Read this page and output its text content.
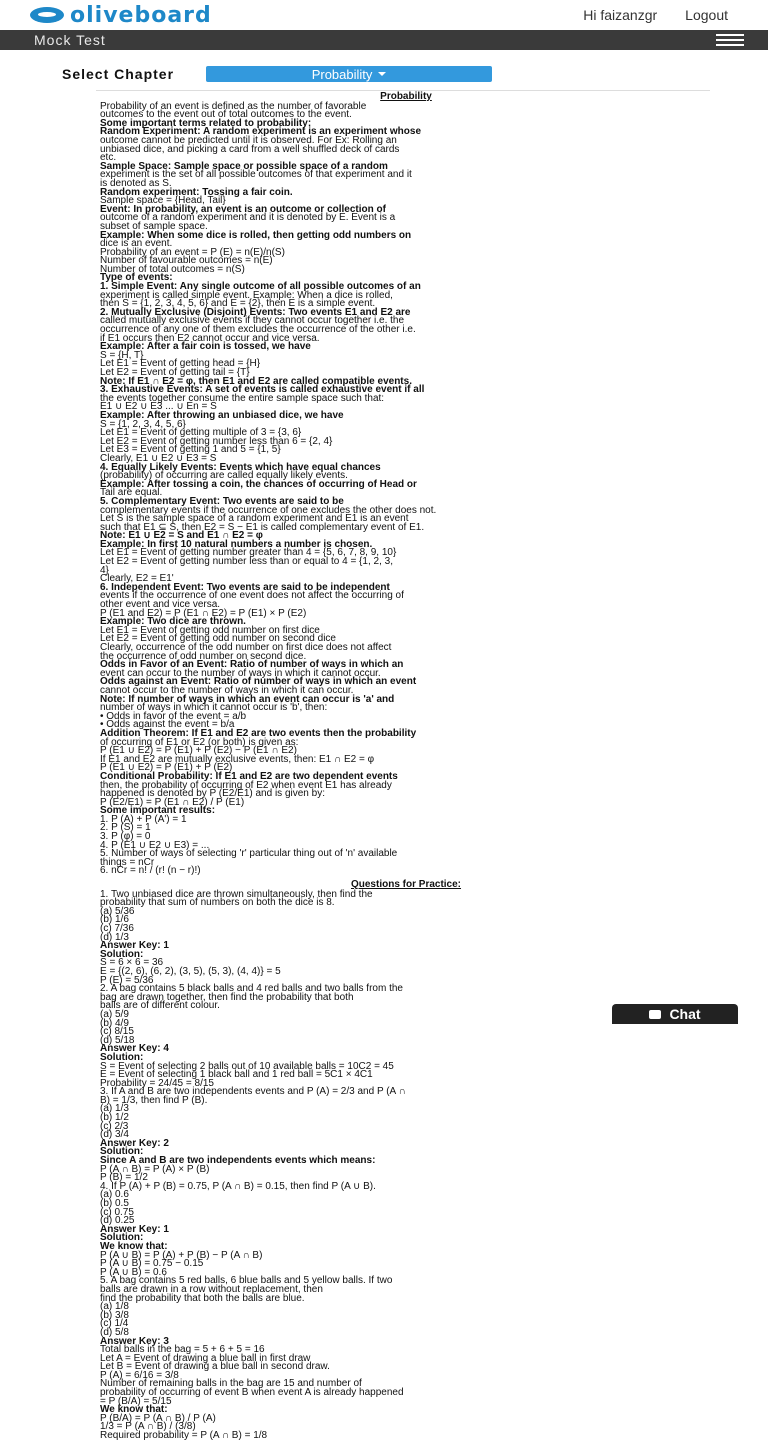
oliveboard	Hi faizanzgr Logout
Mock Test
Select Chapter	Probability

Probability

Probability of an event is defined as the number of favorable

outcomes to the event out of total outcomes to the event.

Some important terms related to probability:

Random Experiment: A random experiment is an experiment whose

outcome cannot be predicted until it is observed. For Ex: Rolling an

unbiased dice, and picking a card from a well shuffled deck of cards

etc.

Sample Space: Sample space or possible space of a random

experiment is the set of all possible outcomes of that experiment and it

is denoted as S.

Random experiment: Tossing a fair coin.

Sample space = {Head, Tail}

Event: In probability, an event is an outcome or collection of

outcome of a random experiment and it is denoted by E. Event is a

subset of sample space.

Example: When some dice is rolled, then getting odd numbers on

dice is an event.

Probability of an event = P (E) = n(E)/n(S)

Number of favourable outcomes = n(E)

Number of total outcomes = n(S)

Type of events:

1. Simple Event: Any single outcome of all possible outcomes of an

experiment is called simple event. Example: When a dice is rolled,

then S = {1, 2, 3, 4, 5, 6} and E = {2}, then E is a simple event.

2. Mutually Exclusive (Disjoint) Events: Two events E1 and E2 are

called mutually exclusive events if they cannot occur together i.e. the

occurrence of any one of them excludes the occurrence of the other i.e.

if E1 occurs then E2 cannot occur and vice versa.

Example: After a fair coin is tossed, we have

S = {H, T}

Let E1 = Event of getting head = {H}

Let E2 = Event of getting tail = {T}

Note: If E1 ∩ E2 = φ, then E1 and E2 are called compatible events.

3. Exhaustive Events: A set of events is called exhaustive event if all

the events together consume the entire sample space such that:

E1 ∪ E2 ∪ E3 ... ∪ En = S

Example: After throwing an unbiased dice, we have

S = {1, 2, 3, 4, 5, 6}

Let E1 = Event of getting multiple of 3 = {3, 6}

Let E2 = Event of getting number less than 6 = {2, 4}

Let E3 = Event of getting 1 and 5 = {1, 5}

Clearly, E1 ∪ E2 ∪ E3 = S

4. Equally Likely Events: Events which have equal chances

(probability) of occurring are called equally likely events.

Example: After tossing a coin, the chances of occurring of Head or

Tail are equal.

5. Complementary Event: Two events are said to be

complementary events if the occurrence of one excludes the other does not.

Let S is the sample space of a random experiment and E1 is an event

such that E1 ⊆ S, then E2 = S − E1 is called complementary event of E1.

Note: E1 ∪ E2 = S and E1 ∩ E2 = φ

Example: In first 10 natural numbers a number is chosen.

Let E1 = Event of getting number greater than 4 = {5, 6, 7, 8, 9, 10}

Let E2 = Event of getting number less than or equal to 4 = {1, 2, 3,

4}

Clearly, E2 = E1'

6. Independent Event: Two events are said to be independent

events if the occurrence of one event does not affect the occurring of

other event and vice versa.

P (E1 and E2) = P (E1 ∩ E2) = P (E1) × P (E2)

Example: Two dice are thrown.

Let E1 = Event of getting odd number on first dice

Let E2 = Event of getting odd number on second dice

Clearly, occurrence of the odd number on first dice does not affect

the occurrence of odd number on second dice.

Odds in Favor of an Event: Ratio of number of ways in which an

event can occur to the number of ways in which it cannot occur.

Odds against an Event: Ratio of number of ways in which an event

cannot occur to the number of ways in which it can occur.

Note: If number of ways in which an event can occur is 'a' and

number of ways in which it cannot occur is 'b', then:

• Odds in favor of the event = a/b

• Odds against the event = b/a

Addition Theorem: If E1 and E2 are two events then the probability

of occurring of E1 or E2 (or both) is given as:

P (E1 ∪ E2) = P (E1) + P (E2) − P (E1 ∩ E2)

If E1 and E2 are mutually exclusive events, then: E1 ∩ E2 = φ

P (E1 ∪ E2) = P (E1) + P (E2)

Conditional Probability: If E1 and E2 are two dependent events

then, the probability of occurring of E2 when event E1 has already

happened is denoted by P (E2/E1) and is given by:

P (E2/E1) = P (E1 ∩ E2) / P (E1)

Some important results:

1. P (A) + P (A') = 1

2. P (S) = 1

3. P (φ) = 0

4. P (E1 ∪ E2 ∪ E3) = ...

5. Number of ways of selecting 'r' particular thing out of 'n' available

things = nCr

6. nCr = n! / (r! (n − r)!)

Questions for Practice:

1. Two unbiased dice are thrown simultaneously, then find the

probability that sum of numbers on both the dice is 8.

(a) 5/36

(b) 1/6

(c) 7/36

(d) 1/3

Answer Key: 1

Solution:

S = 6 × 6 = 36

E = {(2, 6), (6, 2), (3, 5), (5, 3), (4, 4)} = 5

P (E) = 5/36

2. A bag contains 5 black balls and 4 red balls and two balls from the

bag are drawn together, then find the probability that both

balls are of different colour.

(a) 5/9

(b) 4/9

(c) 8/15

(d) 5/18

Answer Key: 4

Solution:

S = Event of selecting 2 balls out of 10 available balls = 10C2 = 45

E = Event of selecting 1 black ball and 1 red ball = 5C1 × 4C1

Probability = 24/45 = 8/15

3. If A and B are two independents events and P (A) = 2/3 and P (A ∩

B) = 1/3, then find P (B).

(a) 1/3

(b) 1/2

(c) 2/3

(d) 3/4

Answer Key: 2

Solution:

Since A and B are two independents events which means:

P (A ∩ B) = P (A) × P (B)

P (B) = 1/2

4. If P (A) + P (B) = 0.75, P (A ∩ B) = 0.15, then find P (A ∪ B).

(a) 0.6

(b) 0.5

(c) 0.75

(d) 0.25

Answer Key: 1

Solution:

We know that:

P (A ∪ B) = P (A) + P (B) − P (A ∩ B)

P (A ∪ B) = 0.75 − 0.15

P (A ∪ B) = 0.6

5. A bag contains 5 red balls, 6 blue balls and 5 yellow balls. If two

balls are drawn in a row without replacement, then

find the probability that both the balls are blue.

(a) 1/8

(b) 3/8

(c) 1/4

(d) 5/8

Answer Key: 3

Total balls in the bag = 5 + 6 + 5 = 16

Let A = Event of drawing a blue ball in first draw

Let B = Event of drawing a blue ball in second draw.

P (A) = 6/16 = 3/8

Number of remaining balls in the bag are 15 and number of

probability of occurring of event B when event A is already happened

= P (B/A) = 5/15

We know that:

P (B/A) = P (A ∩ B) / P (A)

1/3 = P (A ∩ B) / (3/8)

Required probability = P (A ∩ B) = 1/8

Chat
